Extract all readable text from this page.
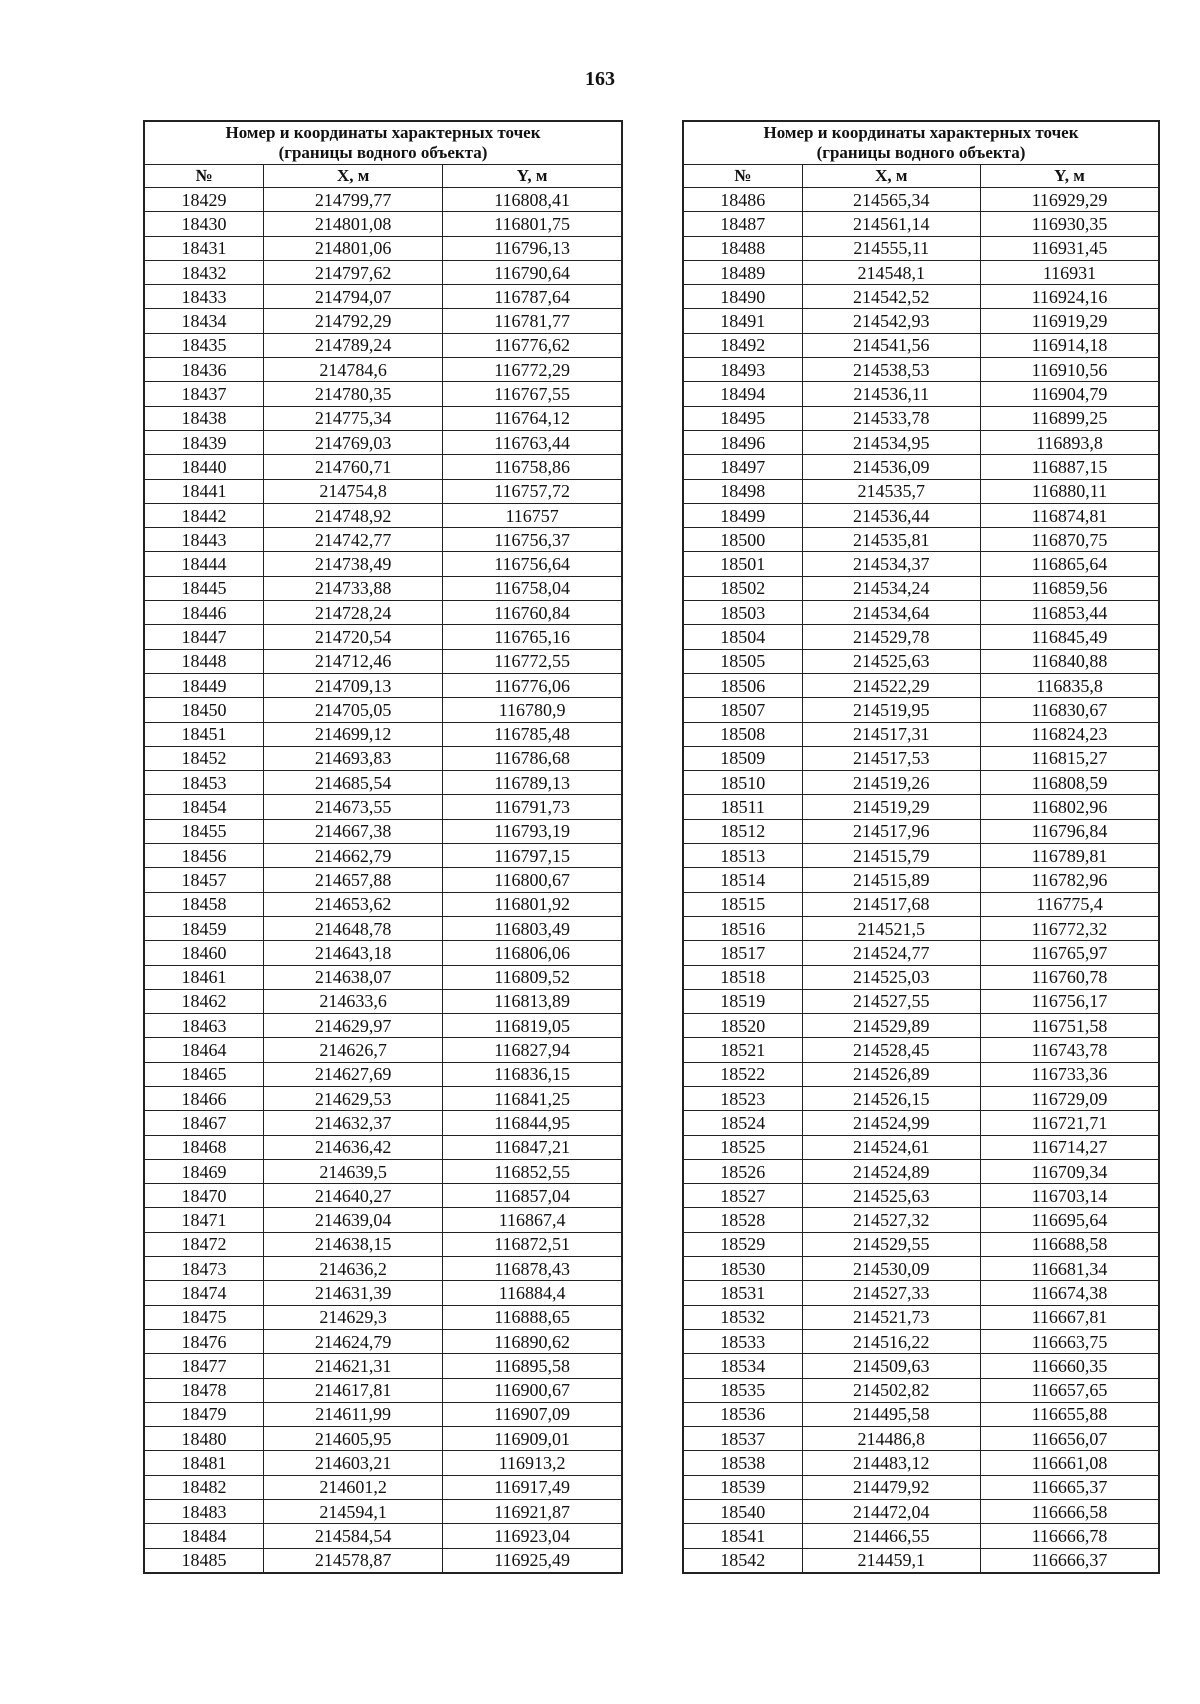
163
Номер и координаты характерных точек
(границы водного объекта)		
№	X, м	Y, м
18429	214799,77	116808,41
18430	214801,08	116801,75
18431	214801,06	116796,13
18432	214797,62	116790,64
18433	214794,07	116787,64
18434	214792,29	116781,77
18435	214789,24	116776,62
18436	214784,6	116772,29
18437	214780,35	116767,55
18438	214775,34	116764,12
18439	214769,03	116763,44
18440	214760,71	116758,86
18441	214754,8	116757,72
18442	214748,92	116757
18443	214742,77	116756,37
18444	214738,49	116756,64
18445	214733,88	116758,04
18446	214728,24	116760,84
18447	214720,54	116765,16
18448	214712,46	116772,55
18449	214709,13	116776,06
18450	214705,05	116780,9
18451	214699,12	116785,48
18452	214693,83	116786,68
18453	214685,54	116789,13
18454	214673,55	116791,73
18455	214667,38	116793,19
18456	214662,79	116797,15
18457	214657,88	116800,67
18458	214653,62	116801,92
18459	214648,78	116803,49
18460	214643,18	116806,06
18461	214638,07	116809,52
18462	214633,6	116813,89
18463	214629,97	116819,05
18464	214626,7	116827,94
18465	214627,69	116836,15
18466	214629,53	116841,25
18467	214632,37	116844,95
18468	214636,42	116847,21
18469	214639,5	116852,55
18470	214640,27	116857,04
18471	214639,04	116867,4
18472	214638,15	116872,51
18473	214636,2	116878,43
18474	214631,39	116884,4
18475	214629,3	116888,65
18476	214624,79	116890,62
18477	214621,31	116895,58
18478	214617,81	116900,67
18479	214611,99	116907,09
18480	214605,95	116909,01
18481	214603,21	116913,2
18482	214601,2	116917,49
18483	214594,1	116921,87
18484	214584,54	116923,04
18485	214578,87	116925,49
Номер и координаты характерных точек
(границы водного объекта)		
№	X, м	Y, м
18486	214565,34	116929,29
18487	214561,14	116930,35
18488	214555,11	116931,45
18489	214548,1	116931
18490	214542,52	116924,16
18491	214542,93	116919,29
18492	214541,56	116914,18
18493	214538,53	116910,56
18494	214536,11	116904,79
18495	214533,78	116899,25
18496	214534,95	116893,8
18497	214536,09	116887,15
18498	214535,7	116880,11
18499	214536,44	116874,81
18500	214535,81	116870,75
18501	214534,37	116865,64
18502	214534,24	116859,56
18503	214534,64	116853,44
18504	214529,78	116845,49
18505	214525,63	116840,88
18506	214522,29	116835,8
18507	214519,95	116830,67
18508	214517,31	116824,23
18509	214517,53	116815,27
18510	214519,26	116808,59
18511	214519,29	116802,96
18512	214517,96	116796,84
18513	214515,79	116789,81
18514	214515,89	116782,96
18515	214517,68	116775,4
18516	214521,5	116772,32
18517	214524,77	116765,97
18518	214525,03	116760,78
18519	214527,55	116756,17
18520	214529,89	116751,58
18521	214528,45	116743,78
18522	214526,89	116733,36
18523	214526,15	116729,09
18524	214524,99	116721,71
18525	214524,61	116714,27
18526	214524,89	116709,34
18527	214525,63	116703,14
18528	214527,32	116695,64
18529	214529,55	116688,58
18530	214530,09	116681,34
18531	214527,33	116674,38
18532	214521,73	116667,81
18533	214516,22	116663,75
18534	214509,63	116660,35
18535	214502,82	116657,65
18536	214495,58	116655,88
18537	214486,8	116656,07
18538	214483,12	116661,08
18539	214479,92	116665,37
18540	214472,04	116666,58
18541	214466,55	116666,78
18542	214459,1	116666,37
